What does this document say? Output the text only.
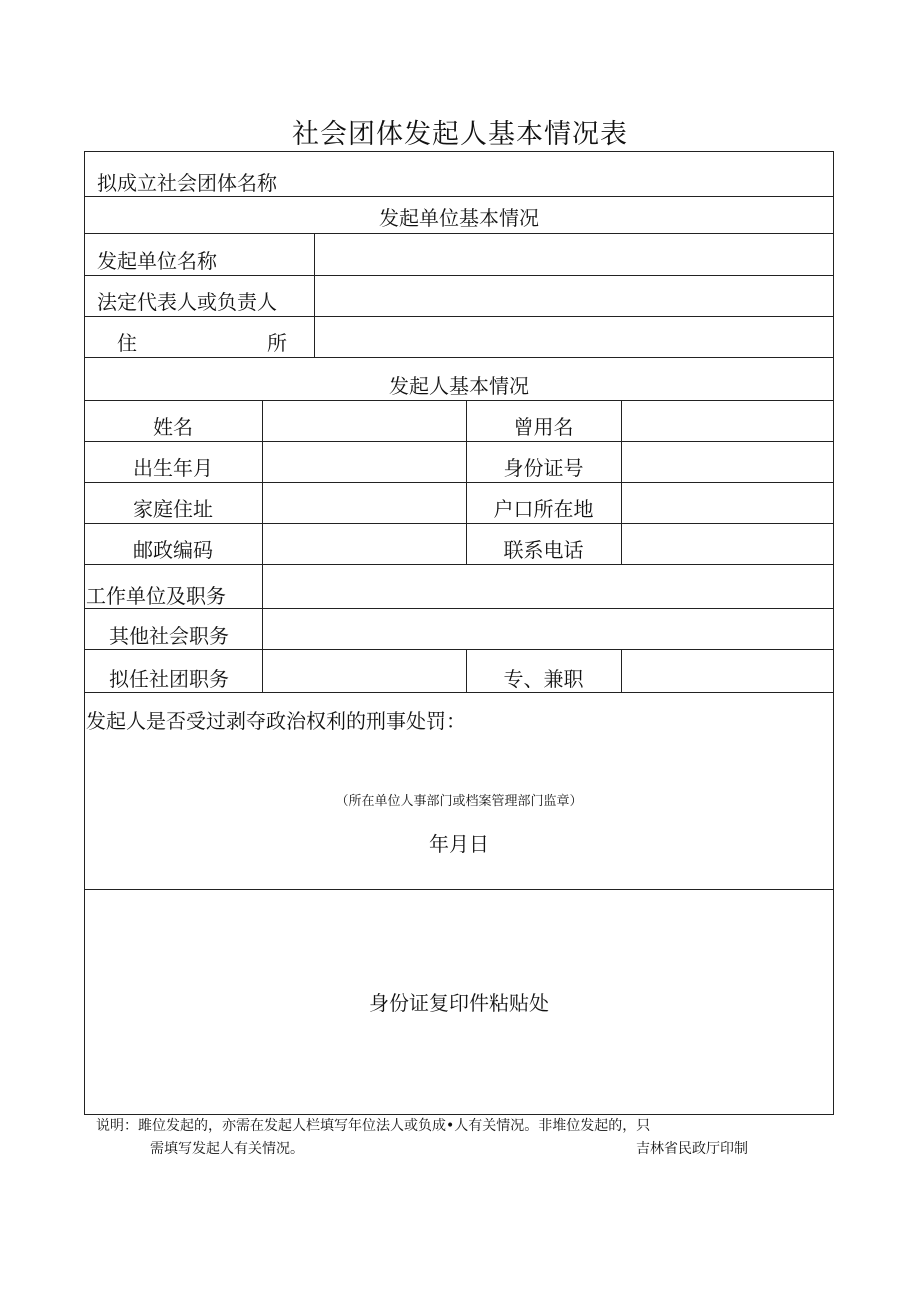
社会团体发起人基本情况表
拟成立社会团体名称
发起单位基本情况
发起单位名称
法定代表人或负责人
住	所
发起人基本情况
姓名	曾用名
出生年月	身份证号
家庭住址	户口所在地
邮政编码	联系电话
工作单位及职务
其他社会职务
拟任社团职务	专、兼职
发起人是否受过剥夺政治权利的刑事处罚：
（所在单位人事部门或档案管理部门监章）
年月日
身份证复印件粘贴处
说明：雎位发起的，亦需在发起人栏填写年位法人或负成•人有关情况。非堆位发起的，只
需填写发起人有关情况。	吉林省民政厅印制
